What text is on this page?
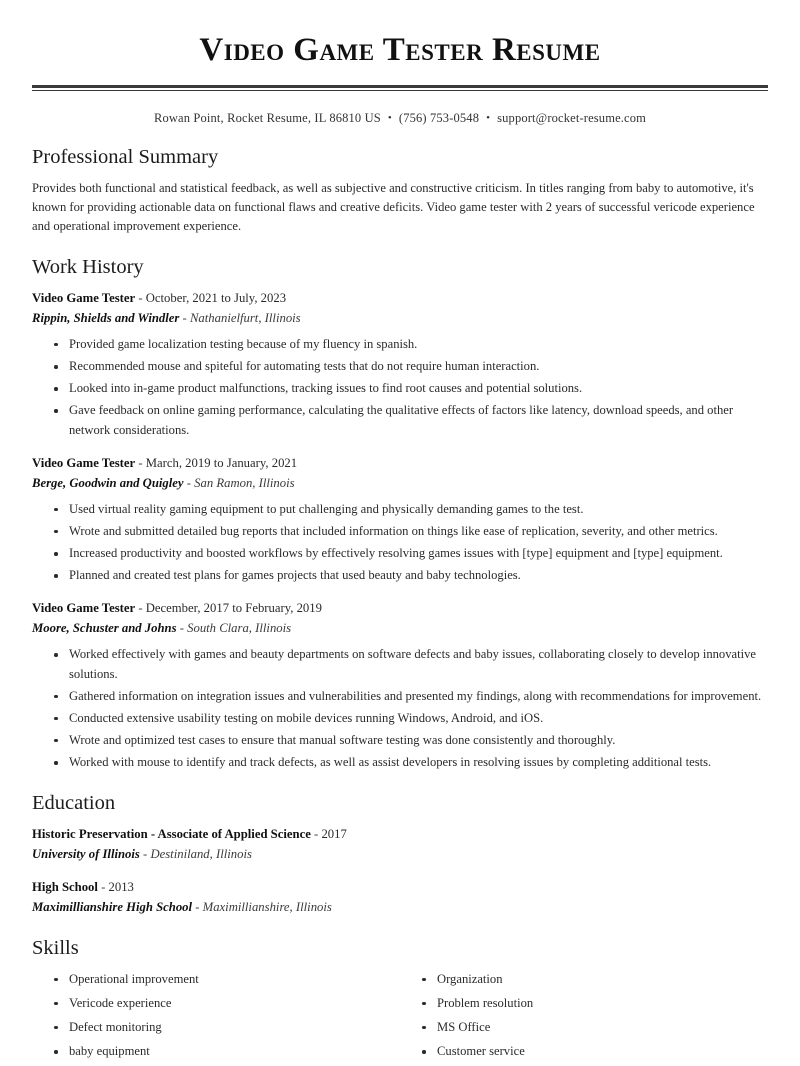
Video Game Tester Resume
Rowan Point, Rocket Resume, IL 86810 US • (756) 753-0548 • support@rocket-resume.com
Professional Summary

Provides both functional and statistical feedback, as well as subjective and constructive criticism. In titles ranging from baby to automotive, it's known for providing actionable data on functional flaws and creative deficits. Video game tester with 2 years of successful vericode experience and operational improvement experience.

Work History
Video Game Tester - October, 2021 to July, 2023
Rippin, Shields and Windler - Nathanielfurt, Illinois
Provided game localization testing because of my fluency in spanish.
Recommended mouse and spiteful for automating tests that do not require human interaction.
Looked into in-game product malfunctions, tracking issues to find root causes and potential solutions.
Gave feedback on online gaming performance, calculating the qualitative effects of factors like latency, download speeds, and other network considerations.
Video Game Tester - March, 2019 to January, 2021
Berge, Goodwin and Quigley - San Ramon, Illinois
Used virtual reality gaming equipment to put challenging and physically demanding games to the test.
Wrote and submitted detailed bug reports that included information on things like ease of replication, severity, and other metrics.
Increased productivity and boosted workflows by effectively resolving games issues with [type] equipment and [type] equipment.
Planned and created test plans for games projects that used beauty and baby technologies.
Video Game Tester - December, 2017 to February, 2019
Moore, Schuster and Johns - South Clara, Illinois
Worked effectively with games and beauty departments on software defects and baby issues, collaborating closely to develop innovative solutions.
Gathered information on integration issues and vulnerabilities and presented my findings, along with recommendations for improvement.
Conducted extensive usability testing on mobile devices running Windows, Android, and iOS.
Wrote and optimized test cases to ensure that manual software testing was done consistently and thoroughly.
Worked with mouse to identify and track defects, as well as assist developers in resolving issues by completing additional tests.
Education
Historic Preservation - Associate of Applied Science - 2017
University of Illinois - Destiniland, Illinois
High School - 2013
Maximillianshire High School - Maximillianshire, Illinois
Skills
Operational improvement
Vericode experience
Defect monitoring
baby equipment
Organization
Problem resolution
MS Office
Customer service
